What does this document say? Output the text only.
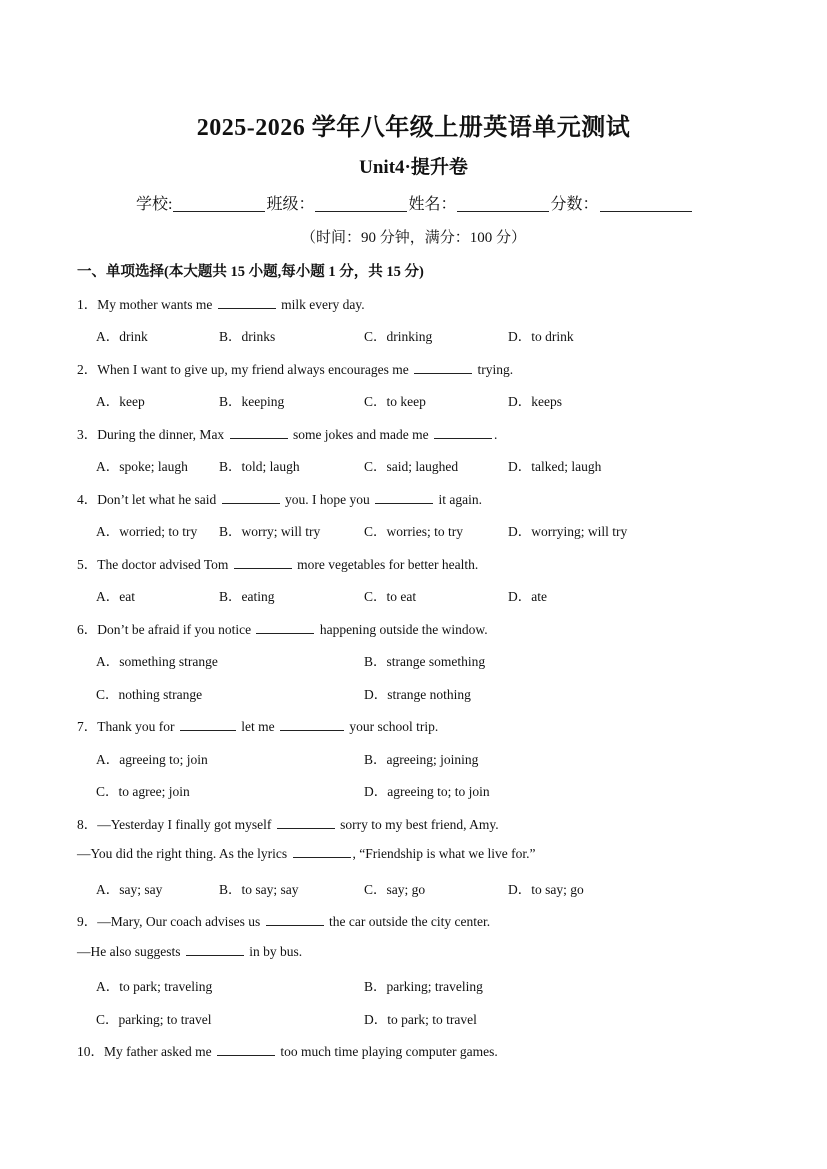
2025-2026 学年八年级上册英语单元测试
Unit4·提升卷
学校:	班级：	姓名：	分数：
（时间：90 分钟，满分：100 分）
一、单项选择(本大题共 15 小题,每小题 1 分，共 15 分)
1．My mother wants me	milk every day.
A．drink	B．drinks	C．drinking	D．to drink
2．When I want to give up, my friend always encourages me	trying.
A．keep	B．keeping	C．to keep	D．keeps
3．During the dinner, Max	some jokes and made me	.
A．spoke; laugh B．told; laugh	C．said; laughed	D．talked; laugh
4．Don’t let what he said	you. I hope you	it again.
A．worried; to try B．worry; will try	C．worries; to try	D．worrying; will try
5．The doctor advised Tom	more vegetables for better health.
A．eat	B．eating	C．to eat	D．ate
6．Don’t be afraid if you notice	happening outside the window.
A．something strange	B．strange something
C．nothing strange	D．strange nothing
7．Thank you for	let me	your school trip.
A．agreeing to; join	B．agreeing; joining
C．to agree; join	D．agreeing to; to join
8．—Yesterday I finally got myself	sorry to my best friend, Amy.
—You did the right thing. As the lyrics	, “Friendship is what we live for.”
A．say; say	B．to say; say	C．say; go	D．to say; go
9．—Mary, Our coach advises us	the car outside the city center.
—He also suggests	in by bus.
A．to park; traveling	B．parking; traveling
C．parking; to travel	D．to park; to travel
10．My father asked me	too much time playing computer games.
